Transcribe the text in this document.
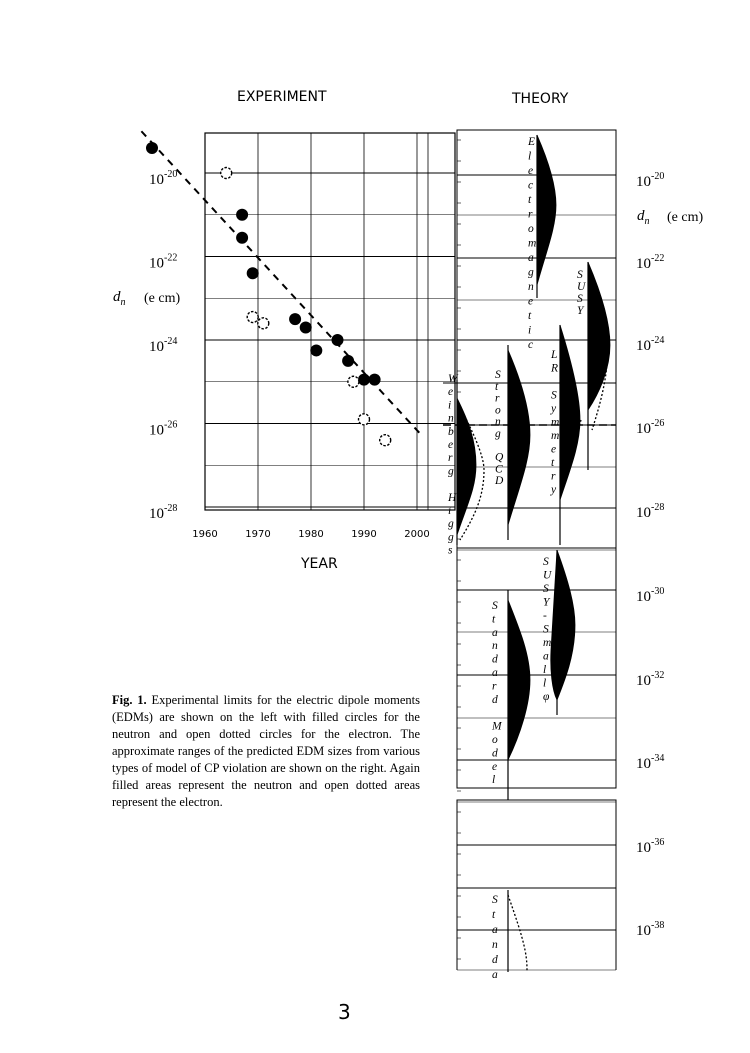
EXPERIMENT	THEORY
$10^{-20}$
$10^{-22}$
$10^{-24}$
$10^{-26}$
$10^{-28}$
1960	1970	1980	1990	2000
YEAR
$d_n$ (e cm)
$10^{-20}$
$10^{-22}$
$10^{-24}$
$10^{-26}$
$10^{-28}$
$10^{-30}$
$10^{-32}$
$10^{-34}$
$10^{-36}$
$10^{-38}$
$d_n$ (e cm)
E
l
e
c
t
r
o
m
a
g
n
e
t
i
c
S
U
S
Y
L
R
S
y
m
m
e
t
r
y
S
t
r
o
n
g
Q
C
D
W
e
i
n
b
e
r
g
H
i
g
g
s
S
U
S
Y
-
S
m
a
l
l
φ
S
t
a
n
d
a
r
d
M
o
d
e
l
S
t
a
n
d
a
Fig. 1. Experimental limits for the electric dipole moments (EDMs) are shown on the left with filled circles for the neutron and open dotted circles for the electron. The approximate ranges of the predicted EDM sizes from various types of model of CP violation are shown on the right. Again filled areas represent the neutron and open dotted areas represent the electron.
3
